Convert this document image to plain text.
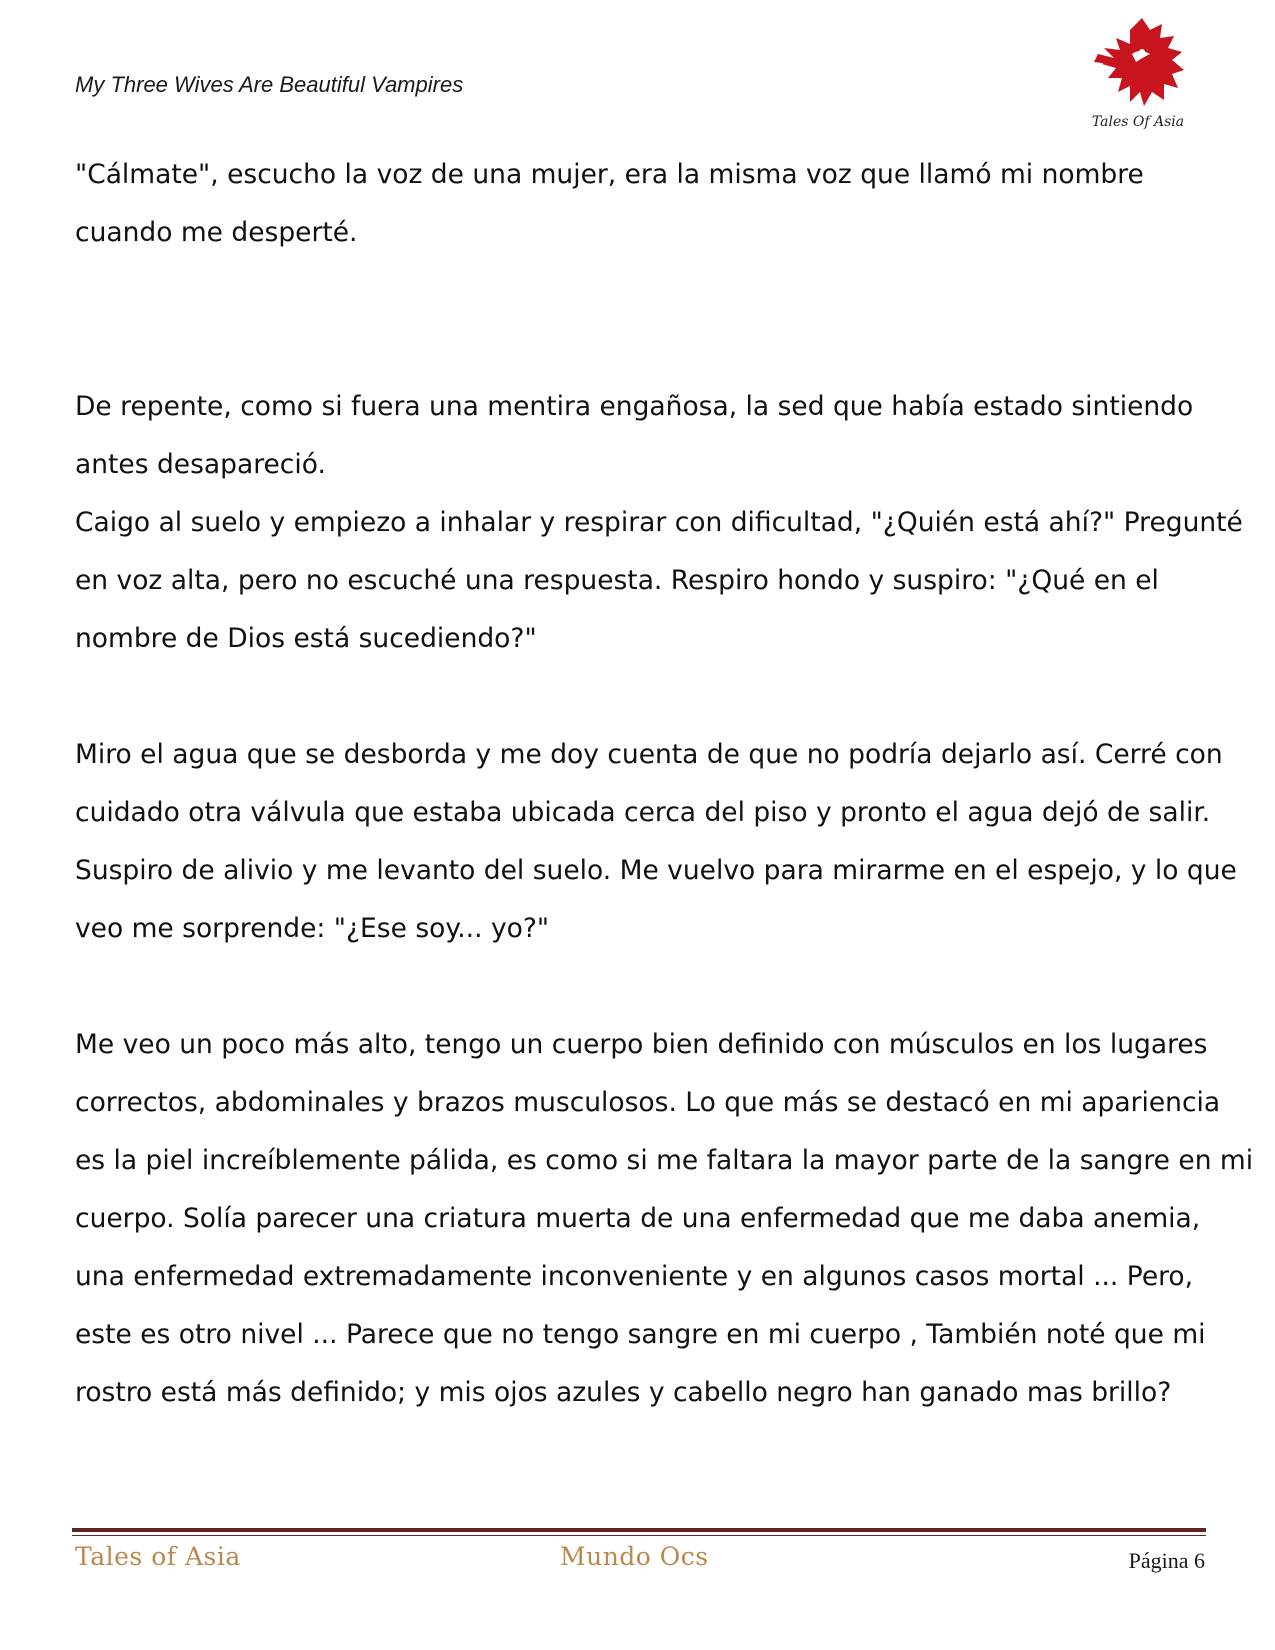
My Three Wives Are Beautiful Vampires
Tales Of Asia

"Cálmate", escucho la voz de una mujer, era la misma voz que llamó mi nombre

cuando me desperté.

De repente, como si fuera una mentira engañosa, la sed que había estado sintiendo

antes desapareció.

Caigo al suelo y empiezo a inhalar y respirar con dificultad, "¿Quién está ahí?" Pregunté

en voz alta, pero no escuché una respuesta. Respiro hondo y suspiro: "¿Qué en el

nombre de Dios está sucediendo?"

Miro el agua que se desborda y me doy cuenta de que no podría dejarlo así. Cerré con

cuidado otra válvula que estaba ubicada cerca del piso y pronto el agua dejó de salir.

Suspiro de alivio y me levanto del suelo. Me vuelvo para mirarme en el espejo, y lo que

veo me sorprende: "¿Ese soy... yo?"

Me veo un poco más alto, tengo un cuerpo bien definido con músculos en los lugares

correctos, abdominales y brazos musculosos. Lo que más se destacó en mi apariencia

es la piel increíblemente pálida, es como si me faltara la mayor parte de la sangre en mi

cuerpo. Solía parecer una criatura muerta de una enfermedad que me daba anemia,

una enfermedad extremadamente inconveniente y en algunos casos mortal ... Pero,

este es otro nivel ... Parece que no tengo sangre en mi cuerpo , También noté que mi

rostro está más definido; y mis ojos azules y cabello negro han ganado mas brillo?

Tales of Asia	Mundo Ocs	Página 6
